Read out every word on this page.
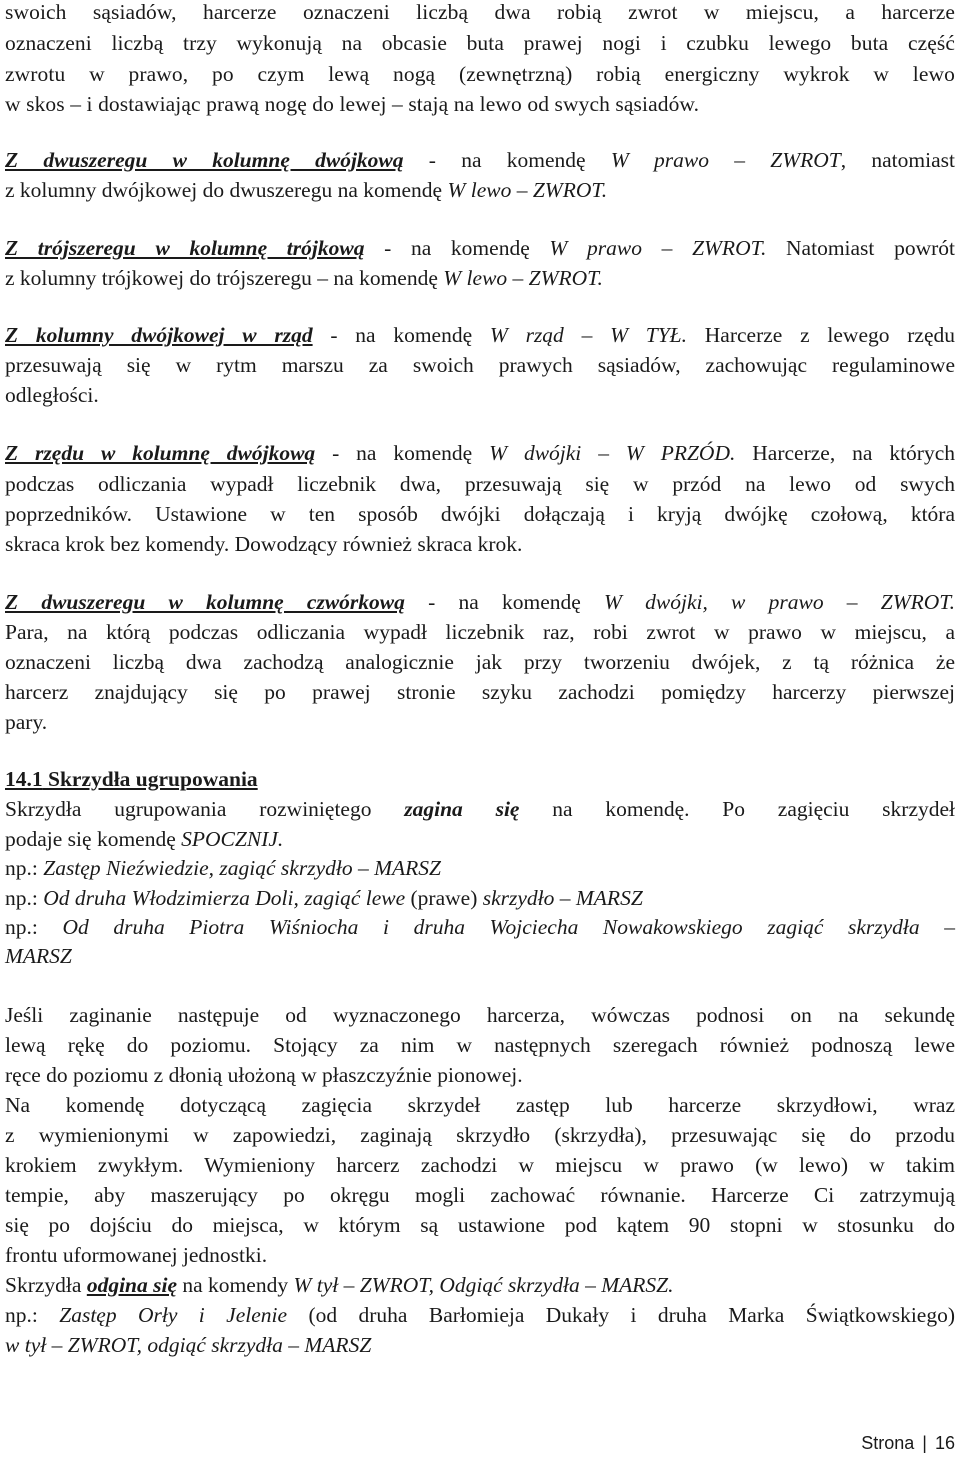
swoich sąsiadów, harcerze oznaczeni liczbą dwa robią zwrot w miejscu, a harcerze
oznaczeni liczbą trzy wykonują na obcasie buta prawej nogi i czubku lewego buta część
zwrotu w prawo, po czym lewą nogą (zewnętrzną) robią energiczny wykrok w lewo
w skos – i dostawiając prawą nogę do lewej – stają na lewo od swych sąsiadów.
Z dwuszeregu w kolumnę dwójkową - na komendę W prawo – ZWROT, natomiast
z kolumny dwójkowej do dwuszeregu na komendę W lewo – ZWROT.
Z trójszeregu w kolumnę trójkową - na komendę W prawo – ZWROT. Natomiast powrót
z kolumny trójkowej do trójszeregu – na komendę W lewo – ZWROT.
Z kolumny dwójkowej w rząd - na komendę W rząd – W TYŁ. Harcerze z lewego rzędu
przesuwają się w rytm marszu za swoich prawych sąsiadów, zachowując regulaminowe
odległości.
Z rzędu w kolumnę dwójkową - na komendę W dwójki – W PRZÓD. Harcerze, na których
podczas odliczania wypadł liczebnik dwa, przesuwają się w przód na lewo od swych
poprzedników. Ustawione w ten sposób dwójki dołączają i kryją dwójkę czołową, która
skraca krok bez komendy. Dowodzący również skraca krok.
Z dwuszeregu w kolumnę czwórkową - na komendę W dwójki, w prawo – ZWROT.
Para, na którą podczas odliczania wypadł liczebnik raz, robi zwrot w prawo w miejscu, a
oznaczeni liczbą dwa zachodzą analogicznie jak przy tworzeniu dwójek, z tą różnica że
harcerz znajdujący się po prawej stronie szyku zachodzi pomiędzy harcerzy pierwszej
pary.
14.1 Skrzydła ugrupowania
Skrzydła ugrupowania rozwiniętego zagina się na komendę. Po zagięciu skrzydeł
podaje się komendę SPOCZNIJ.
np.: Zastęp Nieźwiedzie, zagiąć skrzydło – MARSZ
np.: Od druha Włodzimierza Doli, zagiąć lewe (prawe) skrzydło – MARSZ
np.: Od druha Piotra Wiśniocha i druha Wojciecha Nowakowskiego zagiąć skrzydła –
MARSZ
Jeśli zaginanie następuje od wyznaczonego harcerza, wówczas podnosi on na sekundę
lewą rękę do poziomu. Stojący za nim w następnych szeregach również podnoszą lewe
ręce do poziomu z dłonią ułożoną w płaszczyźnie pionowej.
Na komendę dotyczącą zagięcia skrzydeł zastęp lub harcerze skrzydłowi, wraz
z wymienionymi w zapowiedzi, zaginają skrzydło (skrzydła), przesuwając się do przodu
krokiem zwykłym. Wymieniony harcerz zachodzi w miejscu w prawo (w lewo) w takim
tempie, aby maszerujący po okręgu mogli zachować równanie. Harcerze Ci zatrzymują
się po dojściu do miejsca, w którym są ustawione pod kątem 90 stopni w stosunku do
frontu uformowanej jednostki.
Skrzydła odgina się na komendy W tył – ZWROT, Odgiąć skrzydła – MARSZ.
np.: Zastęp Orły i Jelenie (od druha Barłomieja Dukały i druha Marka Świątkowskiego)
w tył – ZWROT, odgiąć skrzydła – MARSZ
Strona | 16
